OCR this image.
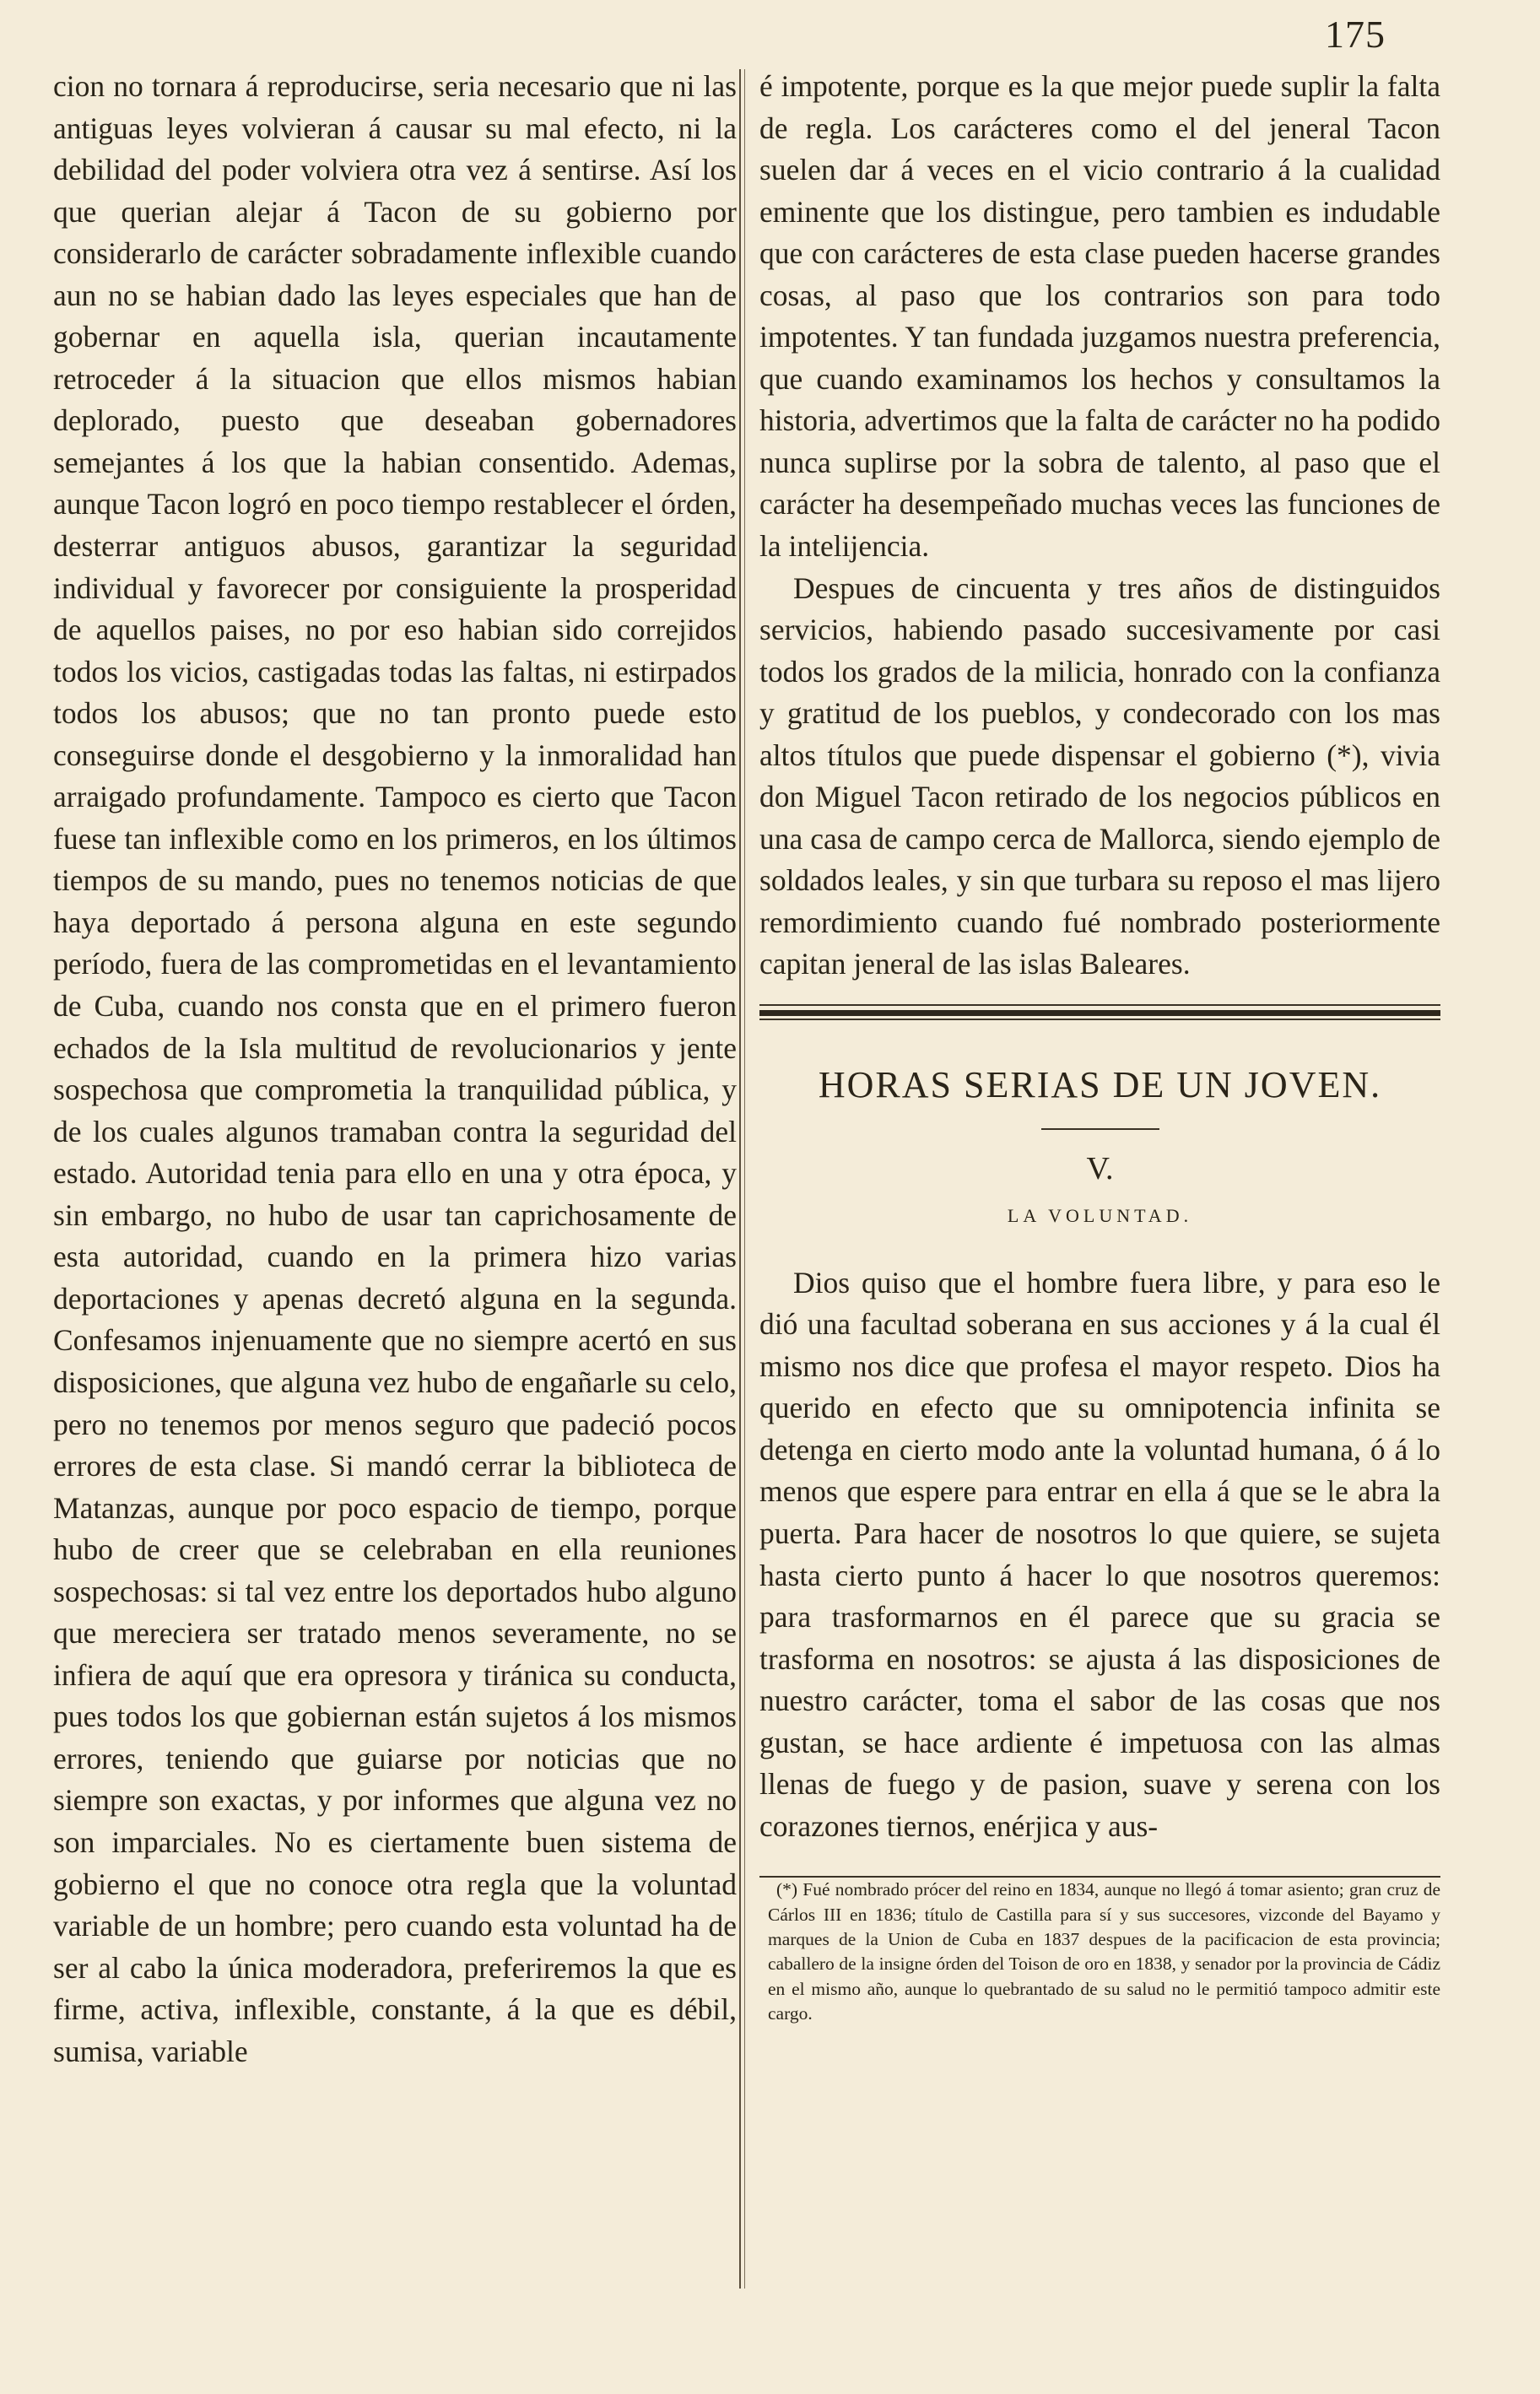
175

cion no tornara á reproducirse, seria necesario que ni las antiguas leyes volvieran á causar su mal efecto, ni la debilidad del poder volviera otra vez á sentirse. Así los que querian alejar á Tacon de su gobierno por considerarlo de carácter sobradamente inflexible cuando aun no se habian dado las leyes especiales que han de gobernar en aquella isla, querian incautamente retroceder á la situacion que ellos mismos habian deplorado, puesto que deseaban gobernadores semejantes á los que la habian consentido. Ademas, aunque Tacon logró en poco tiempo restablecer el órden, desterrar antiguos abusos, garantizar la seguridad individual y favorecer por consiguiente la prosperidad de aquellos paises, no por eso habian sido correjidos todos los vicios, castigadas todas las faltas, ni estirpados todos los abusos; que no tan pronto puede esto conseguirse donde el desgobierno y la inmoralidad han arraigado profundamente. Tampoco es cierto que Tacon fuese tan inflexible como en los primeros, en los últimos tiempos de su mando, pues no tenemos noticias de que haya deportado á persona alguna en este segundo período, fuera de las comprometidas en el levantamiento de Cuba, cuando nos consta que en el primero fueron echados de la Isla multitud de revolucionarios y jente sospechosa que comprometia la tranquilidad pública, y de los cuales algunos tramaban contra la seguridad del estado. Autoridad tenia para ello en una y otra época, y sin embargo, no hubo de usar tan caprichosamente de esta autoridad, cuando en la primera hizo varias deportaciones y apenas decretó alguna en la segunda. Confesamos injenuamente que no siempre acertó en sus disposiciones, que alguna vez hubo de engañarle su celo, pero no tenemos por menos seguro que padeció pocos errores de esta clase. Si mandó cerrar la biblioteca de Matanzas, aunque por poco espacio de tiempo, porque hubo de creer que se celebraban en ella reuniones sospechosas: si tal vez entre los deportados hubo alguno que mereciera ser tratado menos severamente, no se infiera de aquí que era opresora y tiránica su conducta, pues todos los que gobiernan están sujetos á los mismos errores, teniendo que guiarse por noticias que no siempre son exactas, y por informes que alguna vez no son imparciales. No es ciertamente buen sistema de gobierno el que no conoce otra regla que la voluntad variable de un hombre; pero cuando esta voluntad ha de ser al cabo la única moderadora, preferiremos la que es firme, activa, inflexible, constante, á la que es débil, sumisa, variable

é impotente, porque es la que mejor puede suplir la falta de regla. Los carácteres como el del jeneral Tacon suelen dar á veces en el vicio contrario á la cualidad eminente que los distingue, pero tambien es indudable que con carácteres de esta clase pueden hacerse grandes cosas, al paso que los contrarios son para todo impotentes. Y tan fundada juzgamos nuestra preferencia, que cuando examinamos los hechos y consultamos la historia, advertimos que la falta de carácter no ha podido nunca suplirse por la sobra de talento, al paso que el carácter ha desempeñado muchas veces las funciones de la intelijencia.

Despues de cincuenta y tres años de distinguidos servicios, habiendo pasado succesivamente por casi todos los grados de la milicia, honrado con la confianza y gratitud de los pueblos, y condecorado con los mas altos títulos que puede dispensar el gobierno (*), vivia don Miguel Tacon retirado de los negocios públicos en una casa de campo cerca de Mallorca, siendo ejemplo de soldados leales, y sin que turbara su reposo el mas lijero remordimiento cuando fué nombrado posteriormente capitan jeneral de las islas Baleares.

HORAS SERIAS DE UN JOVEN.
V.
LA VOLUNTAD.

Dios quiso que el hombre fuera libre, y para eso le dió una facultad soberana en sus acciones y á la cual él mismo nos dice que profesa el mayor respeto. Dios ha querido en efecto que su omnipotencia infinita se detenga en cierto modo ante la voluntad humana, ó á lo menos que espere para entrar en ella á que se le abra la puerta. Para hacer de nosotros lo que quiere, se sujeta hasta cierto punto á hacer lo que nosotros queremos: para trasformarnos en él parece que su gracia se trasforma en nosotros: se ajusta á las disposiciones de nuestro carácter, toma el sabor de las cosas que nos gustan, se hace ardiente é impetuosa con las almas llenas de fuego y de pasion, suave y serena con los corazones tiernos, enérjica y aus-

(*) Fué nombrado prócer del reino en 1834, aunque no llegó á tomar asiento; gran cruz de Cárlos III en 1836; título de Castilla para sí y sus succesores, vizconde del Bayamo y marques de la Union de Cuba en 1837 despues de la pacificacion de esta provincia; caballero de la insigne órden del Toison de oro en 1838, y senador por la provincia de Cádiz en el mismo año, aunque lo quebrantado de su salud no le permitió tampoco admitir este cargo.
